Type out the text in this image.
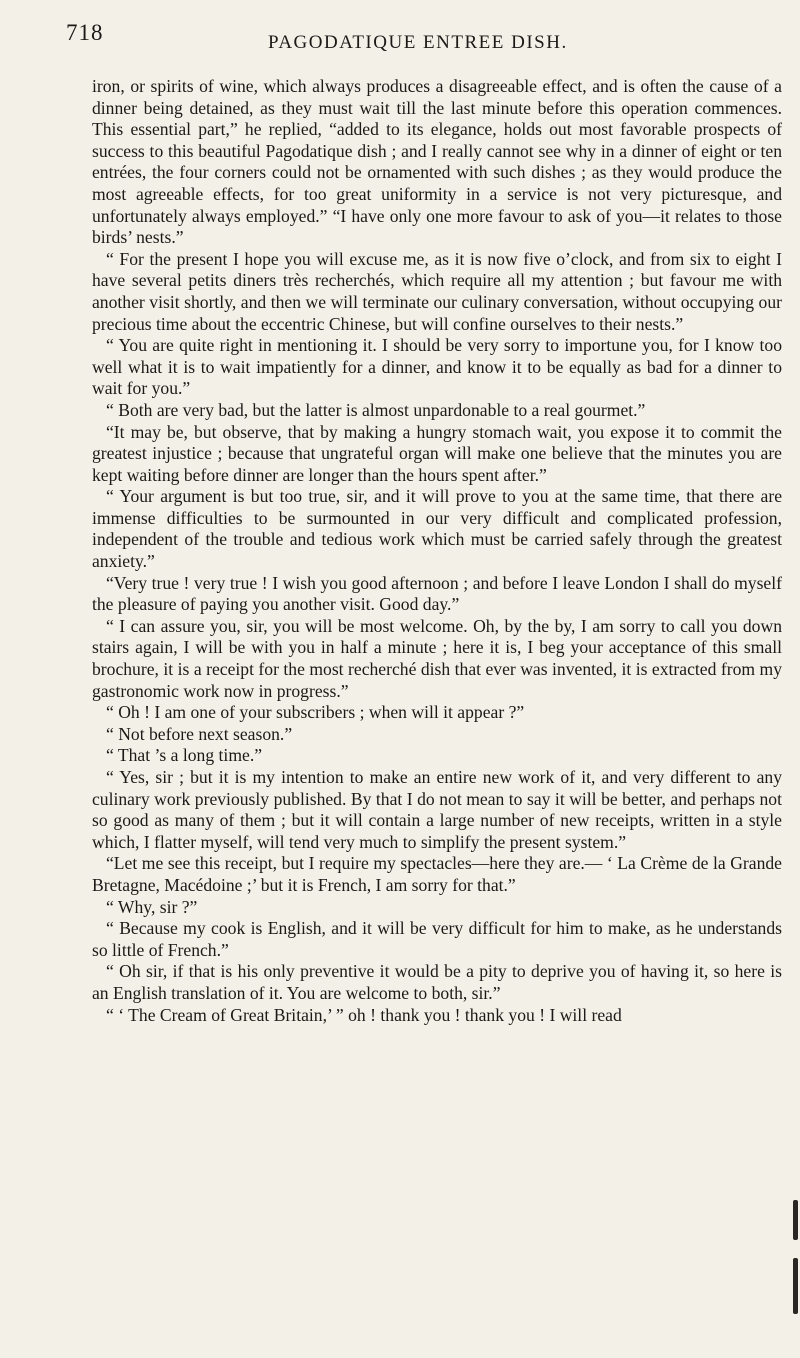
718	PAGODATIQUE ENTREE DISH.

iron, or spirits of wine, which always produces a disagreeable effect, and is often the cause of a dinner being detained, as they must wait till the last minute before this operation commences. This essential part,” he replied, “added to its elegance, holds out most favorable prospects of success to this beautiful Pagodatique dish ; and I really cannot see why in a dinner of eight or ten entrées, the four corners could not be ornamented with such dishes ; as they would produce the most agreeable effects, for too great uniformity in a service is not very picturesque, and unfortunately always employed.” “I have only one more favour to ask of you—it relates to those birds’ nests.”

“ For the present I hope you will excuse me, as it is now five o’clock, and from six to eight I have several petits diners très recherchés, which require all my attention ; but favour me with another visit shortly, and then we will terminate our culinary conversation, without occupying our precious time about the eccentric Chinese, but will confine ourselves to their nests.”

“ You are quite right in mentioning it. I should be very sorry to importune you, for I know too well what it is to wait impatiently for a dinner, and know it to be equally as bad for a dinner to wait for you.”

“ Both are very bad, but the latter is almost unpardonable to a real gourmet.”

“It may be, but observe, that by making a hungry stomach wait, you expose it to commit the greatest injustice ; because that ungrateful organ will make one believe that the minutes you are kept waiting before dinner are longer than the hours spent after.”

“ Your argument is but too true, sir, and it will prove to you at the same time, that there are immense difficulties to be surmounted in our very difficult and complicated profession, independent of the trouble and tedious work which must be carried safely through the greatest anxiety.”

“Very true ! very true ! I wish you good afternoon ; and before I leave London I shall do myself the pleasure of paying you another visit. Good day.”

“ I can assure you, sir, you will be most welcome. Oh, by the by, I am sorry to call you down stairs again, I will be with you in half a minute ; here it is, I beg your acceptance of this small brochure, it is a receipt for the most recherché dish that ever was invented, it is extracted from my gastronomic work now in progress.”

“ Oh ! I am one of your subscribers ; when will it appear ?”

“ Not before next season.”

“ That ’s a long time.”

“ Yes, sir ; but it is my intention to make an entire new work of it, and very different to any culinary work previously published. By that I do not mean to say it will be better, and perhaps not so good as many of them ; but it will contain a large number of new receipts, written in a style which, I flatter myself, will tend very much to simplify the present system.”

“Let me see this receipt, but I require my spectacles—here they are.— ‘ La Crème de la Grande Bretagne, Macédoine ;’ but it is French, I am sorry for that.”

“ Why, sir ?”

“ Because my cook is English, and it will be very difficult for him to make, as he understands so little of French.”

“ Oh sir, if that is his only preventive it would be a pity to deprive you of having it, so here is an English translation of it. You are welcome to both, sir.”

“ ‘ The Cream of Great Britain,’ ” oh ! thank you ! thank you ! I will read
